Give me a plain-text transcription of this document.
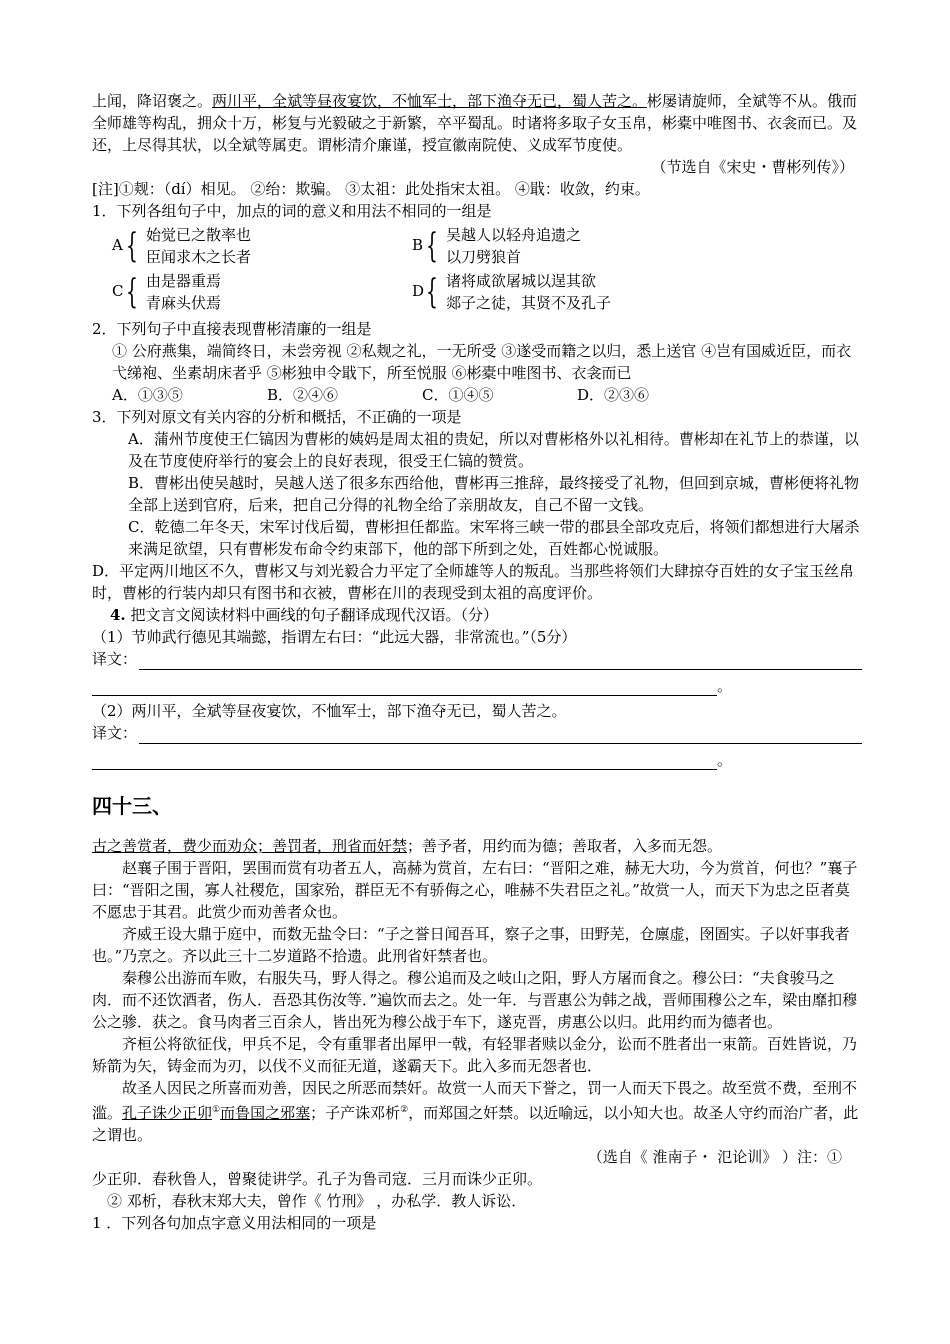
上闻，降诏褒之。两川平，全斌等昼夜宴饮，不恤军士，部下渔夺无已，蜀人苦之。彬屡请旋师，全斌等不从。俄而全师雄等构乱，拥众十万，彬复与光毅破之于新繁，卒平蜀乱。时诸将多取子女玉帛，彬橐中唯图书、衣衾而已。及还，上尽得其状，以全斌等属吏。谓彬清介廉谨，授宣徽南院使、义成军节度使。

（节选自《宋史・曹彬列传》）

[注]①觌：（dí）相见。 ②绐：欺骗。 ③太祖：此处指宋太祖。 ④戢：收敛，约束。

1．下列各组句子中，加点的词的意义和用法不相同的一组是

A { 始觉已之散率也
臣闻求木之长者
B { 吴越人以轻舟追遗之
以刀劈狼首
C { 由是器重焉
青麻头伏焉
D { 诸将咸欲屠城以逞其欲
郯子之徒，其贤不及孔子

2．下列句子中直接表现曹彬清廉的一组是

① 公府燕集，端简终日，未尝旁视 ②私觌之礼，一无所受 ③遂受而籍之以归，悉上送官 ④岂有国威近臣，而衣弋绨袍、坐素胡床者乎 ⑤彬独申令戢下，所至悦服 ⑥彬橐中唯图书、衣衾而已

A．①③⑤	B．②④⑥	C．①④⑤	D．②③⑥

3．下列对原文有关内容的分析和概括，不正确的一项是

A．蒲州节度使王仁镐因为曹彬的姨妈是周太祖的贵妃，所以对曹彬格外以礼相待。曹彬却在礼节上的恭谨，以及在节度使府举行的宴会上的良好表现，很受王仁镐的赞赏。

B．曹彬出使吴越时，吴越人送了很多东西给他，曹彬再三推辞，最终接受了礼物，但回到京城，曹彬便将礼物全部上送到官府，后来，把自己分得的礼物全给了亲朋故友，自己不留一文钱。

C．乾德二年冬天，宋军讨伐后蜀，曹彬担任都监。宋军将三峡一带的郡县全部攻克后，将领们都想进行大屠杀来满足欲望，只有曹彬发布命令约束部下，他的部下所到之处，百姓都心悦诚服。

D．平定两川地区不久，曹彬又与刘光毅合力平定了全师雄等人的叛乱。当那些将领们大肆掠夺百姓的女子宝玉丝帛时，曹彬的行装内却只有图书和衣被，曹彬在川的表现受到太祖的高度评价。

4. 把文言文阅读材料中画线的句子翻译成现代汉语。（分）

（1）节帅武行德见其端懿，指谓左右曰：“此远大器，非常流也。”（5分）

译文：
。

（2）两川平，全斌等昼夜宴饮，不恤军士，部下渔夺无已，蜀人苦之。

译文：
。
四十三、

古之善赏者，费少而劝众；善罚者，刑省而奸禁；善予者，用约而为德；善取者，入多而无怨。

赵襄子围于晋阳，罢围而赏有功者五人，高赫为赏首，左右曰：“晋阳之难，赫无大功，今为赏首，何也？”襄子曰：“晋阳之围，寡人社稷危，国家殆，群臣无不有骄侮之心，唯赫不失君臣之礼。”故赏一人，而天下为忠之臣者莫不愿忠于其君。此赏少而劝善者众也。

齐威王设大鼎于庭中，而数无盐令曰：“子之誉日闻吾耳，察子之事，田野芜，仓廪虚，囹圄实。子以奸事我者也。”乃烹之。齐以此三十二岁道路不拾遗。此刑省奸禁者也。

秦穆公出游而车败，右服失马，野人得之。穆公追而及之岐山之阳，野人方屠而食之。穆公曰：“夫食骏马之肉．而不还饮酒者，伤人．吾恐其伤汝等．”遍饮而去之。处一年．与晋惠公为韩之战，晋师围穆公之车，梁由靡扣穆公之骖．获之。食马肉者三百余人，皆出死为穆公战于车下，遂克晋，虏惠公以归。此用约而为德者也。

齐桓公将欲征伐，甲兵不足，令有重罪者出犀甲一戟，有轻罪者赎以金分，讼而不胜者出一束箭。百姓皆说，乃矫箭为矢，铸金而为刃，以伐不义而征无道，遂霸天下。此入多而无怨者也．

故圣人因民之所喜而劝善，因民之所恶而禁奸。故赏一人而天下誉之，罚一人而天下畏之。故至赏不费，至刑不滥。孔子诛少正卯①而鲁国之邪塞；子产诛邓析②，而郑国之奸禁。以近喻远，以小知大也。故圣人守约而治广者，此之谓也。

（选自《 淮南子・ 氾论训》 ）注：①

少正卯．春秋鲁人，曾聚徒讲学。孔子为鲁司寇．三月而诛少正卯。

② 邓析，春秋末郑大夫，曾作《 竹刑》 ，办私学．教人诉讼．

1 ．下列各句加点字意义用法相同的一项是
